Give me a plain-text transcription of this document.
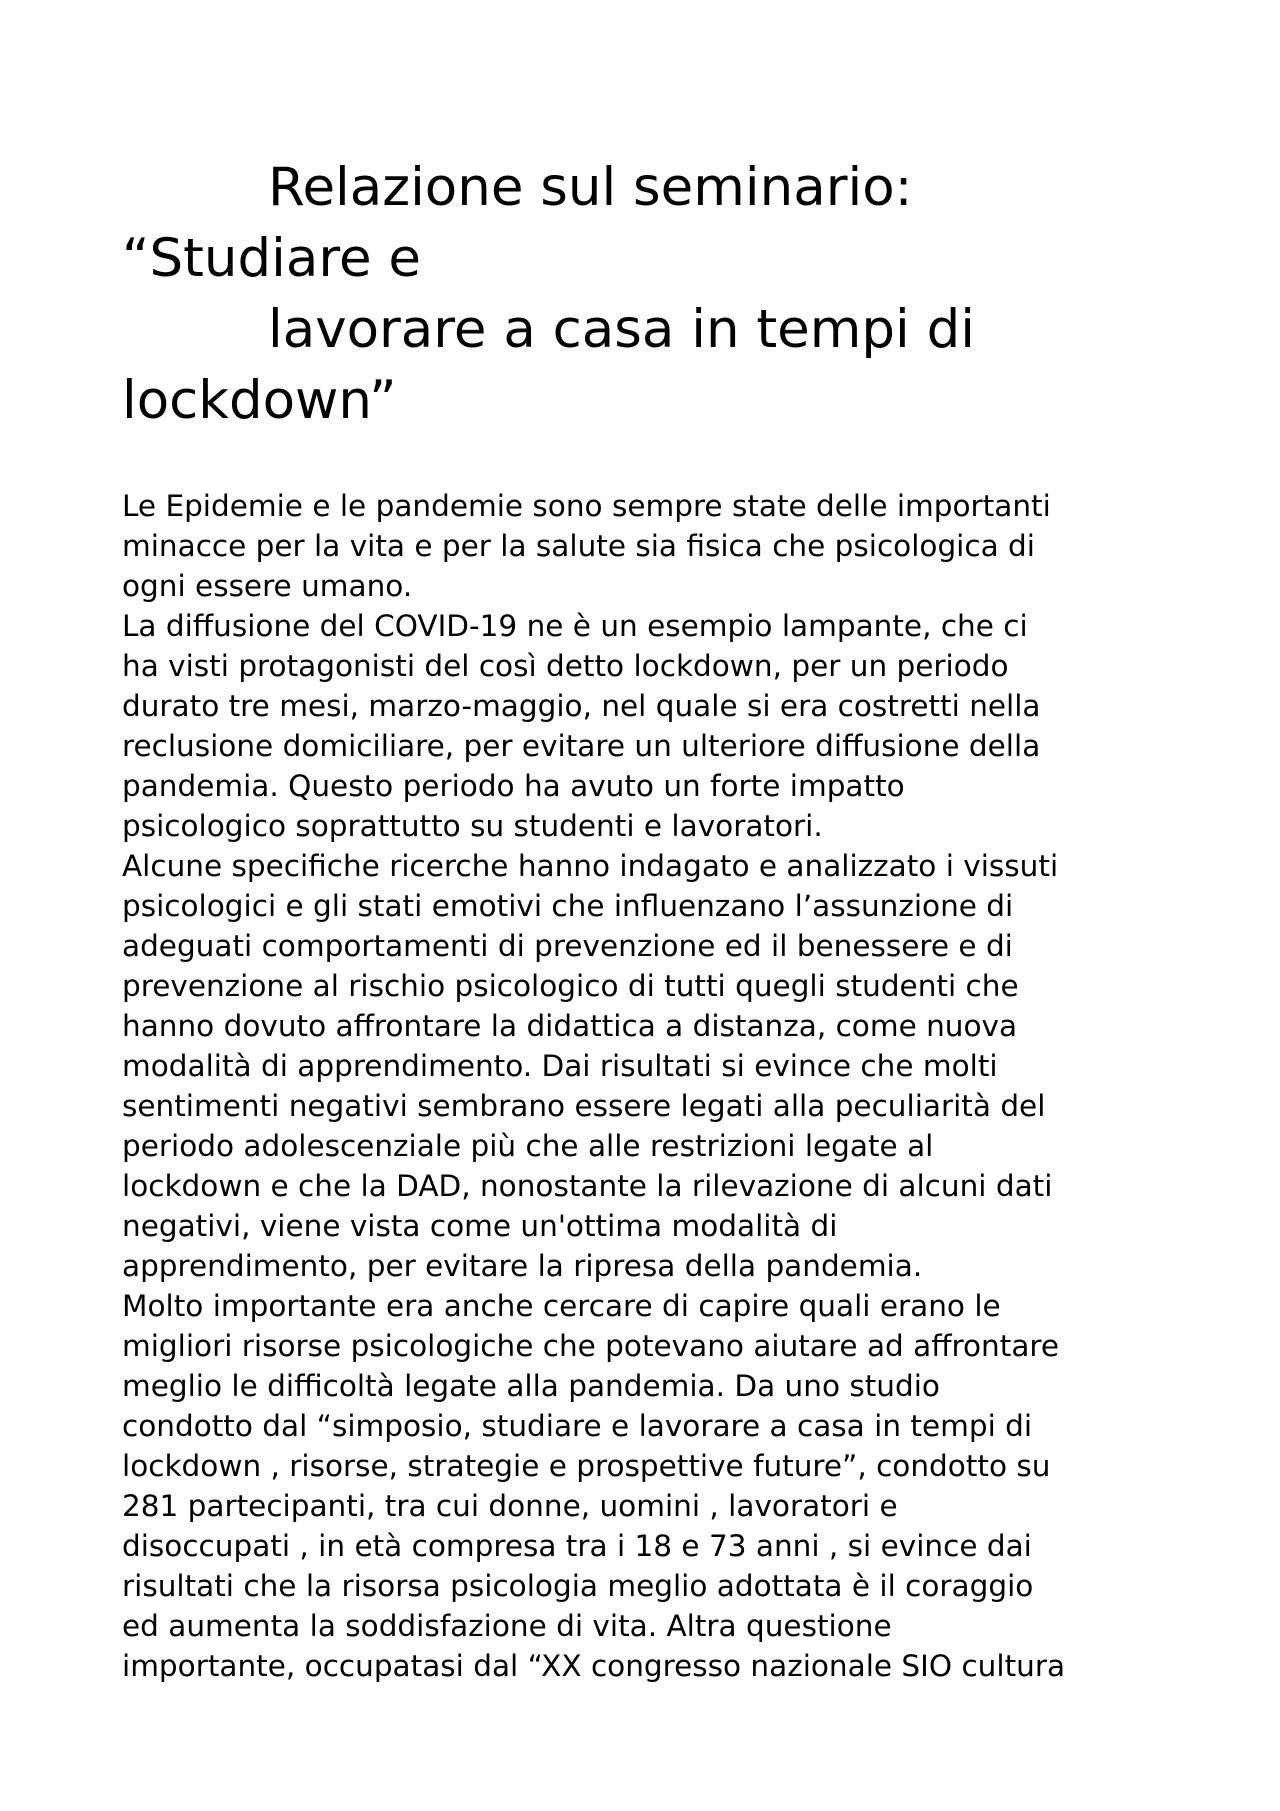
Relazione sul seminario:
“Studiare e
lavorare a casa in tempi di
lockdown”

Le Epidemie e le pandemie sono sempre state delle importanti
minacce per la vita e per la salute sia fisica che psicologica di
ogni essere umano.

La diffusione del COVID-19 ne è un esempio lampante, che ci
ha visti protagonisti del così detto lockdown, per un periodo
durato tre mesi, marzo-maggio, nel quale si era costretti nella
reclusione domiciliare, per evitare un ulteriore diffusione della
pandemia. Questo periodo ha avuto un forte impatto
psicologico soprattutto su studenti e lavoratori.

Alcune specifiche ricerche hanno indagato e analizzato i vissuti
psicologici e gli stati emotivi che influenzano l’assunzione di
adeguati comportamenti di prevenzione ed il benessere e di
prevenzione al rischio psicologico di tutti quegli studenti che
hanno dovuto affrontare la didattica a distanza, come nuova
modalità di apprendimento. Dai risultati si evince che molti
sentimenti negativi sembrano essere legati alla peculiarità del
periodo adolescenziale più che alle restrizioni legate al
lockdown e che la DAD, nonostante la rilevazione di alcuni dati
negativi, viene vista come un'ottima modalità di
apprendimento, per evitare la ripresa della pandemia.

Molto importante era anche cercare di capire quali erano le
migliori risorse psicologiche che potevano aiutare ad affrontare
meglio le difficoltà legate alla pandemia. Da uno studio
condotto dal “simposio, studiare e lavorare a casa in tempi di
lockdown , risorse, strategie e prospettive future”, condotto su
281 partecipanti, tra cui donne, uomini , lavoratori e
disoccupati , in età compresa tra i 18 e 73 anni , si evince dai
risultati che la risorsa psicologia meglio adottata è il coraggio
ed aumenta la soddisfazione di vita. Altra questione
importante, occupatasi dal “XX congresso nazionale SIO cultura
